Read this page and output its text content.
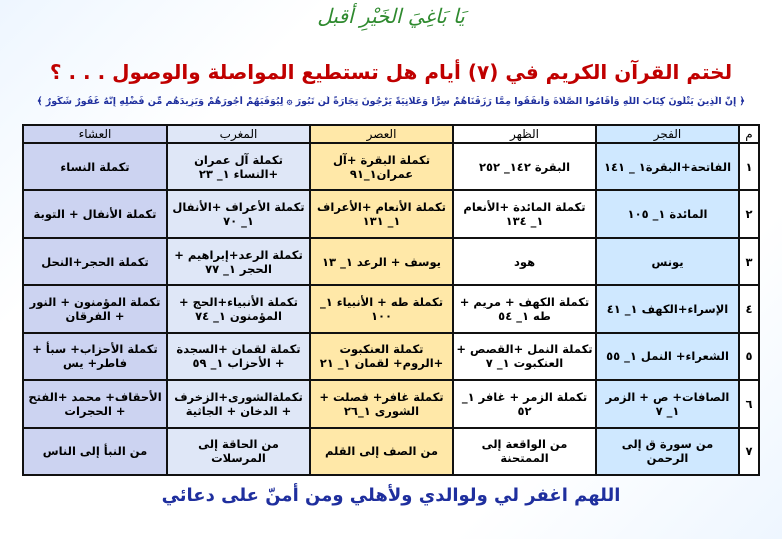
يَا بَاغِيَ الخَيْرِ أقبل
لختم القرآن الكريم في (٧) أيام هل تستطيع المواصلة والوصول . . . ؟
﴿ إِنَّ الَّذِينَ يَتْلُونَ كِتَابَ اللَّهِ وَأَقَامُوا الصَّلَاةَ وَأَنفَقُوا مِمَّا رَزَقْنَاهُمْ سِرًّا وَعَلَانِيَةً يَرْجُونَ تِجَارَةً لَّن تَبُورَ ۞ لِيُوَفِّيَهُمْ أُجُورَهُمْ وَيَزِيدَهُم مِّن فَضْلِهِ إِنَّهُ غَفُورٌ شَكُورٌ ﴾
م	الفجر	الظهر	العصر	المغرب	العشاء
١	الفاتحة+البقرة١ _ ١٤١	البقرة ١٤٢_ ٢٥٢	تكملة البقرة +آل عمران١_٩١	تكملة آل عمران +النساء ١_ ٢٣	تكملة النساء
٢	المائدة ١_ ١٠٥	تكملة المائدة +الأنعام ١_ ١٣٤	تكملة الأنعام +الأعراف ١_ ١٣١	تكملة الأعراف +الأنفال ١_ ٧٠	تكملة الأنفال + التوبة
٣	يونس	هود	يوسف + الرعد ١_ ١٣	تكملة الرعد+إبراهيم + الحجر ١_ ٧٧	تكملة الحجر+النحل
٤	الإسراء+الكهف ١_ ٤١	تكملة الكهف + مريم + طه ١_ ٥٤	تكملة طه + الأنبياء ١_ ١٠٠	تكملة الأنبياء+الحج + المؤمنون ١_ ٧٤	تكملة المؤمنون + النور + الفرقان
٥	الشعراء+ النمل ١_ ٥٥	تكملة النمل +القصص + العنكبوت ١_ ٧	تكملة العنكبوت +الروم+ لقمان ١_ ٢١	تكملة لقمان +السجدة + الأحزاب ١_ ٥٩	تكملة الأحزاب+ سبأ + فاطر+ يس
٦	الصافات+ ص + الزمر ١_ ٧	تكملة الزمر + غافر ١_ ٥٢	تكملة غافر+ فصلت + الشورى ١_٢٦	تكملةالشورى+الزخرف + الدخان + الجاثية	الأحقاف+ محمد +الفتح + الحجرات
٧	من سورة ق إلى الرحمن	من الواقعة إلى الممتحنة	من الصف إلى القلم	من الحاقة إلى المرسلات	من النبأ إلى الناس
اللهم اغفر لي ولوالدي ولأهلي ومن أمنّ على دعائي
